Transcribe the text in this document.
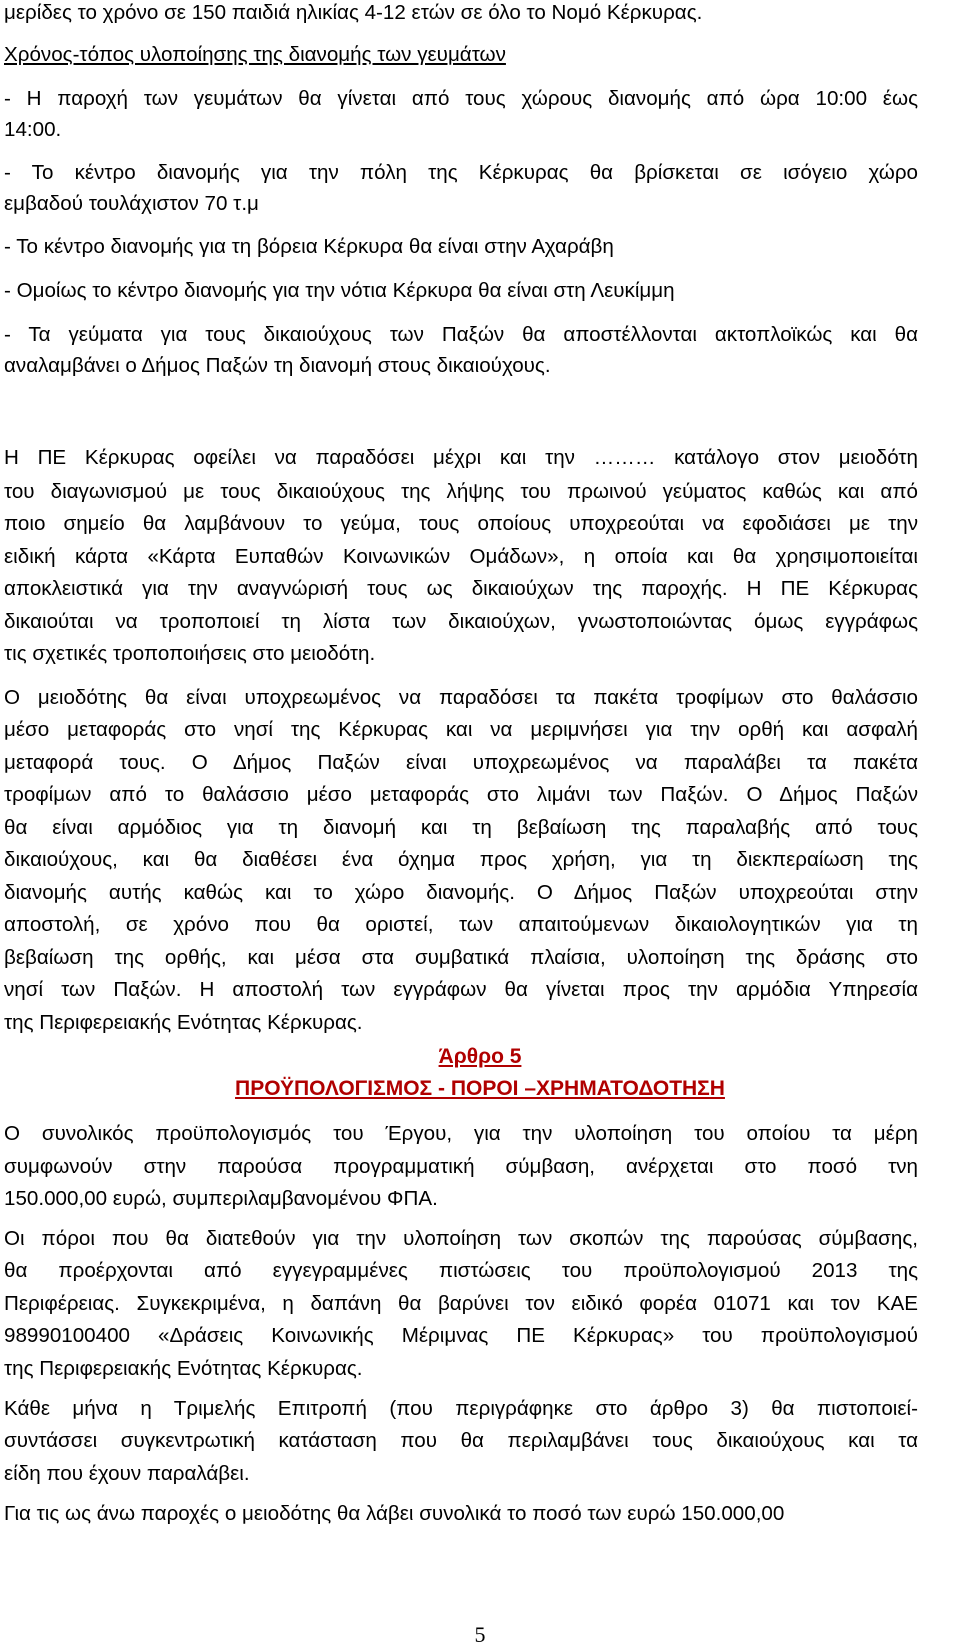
μερίδες το χρόνο σε 150 παιδιά ηλικίας 4-12 ετών σε όλο το Νομό Κέρκυρας.

Χρόνος-τόπος υλοποίησης της διανομής των γευμάτων

- Η παροχή των γευμάτων θα γίνεται από τους χώρους διανομής από ώρα 10:00 έως

14:00.

- Το κέντρο διανομής για την πόλη της Κέρκυρας θα βρίσκεται σε ισόγειο χώρο

εμβαδού τουλάχιστον 70 τ.μ

- Το κέντρο διανομής για τη βόρεια Κέρκυρα θα είναι στην Αχαράβη

- Ομοίως το κέντρο διανομής για την νότια Κέρκυρα θα είναι στη Λευκίμμη

- Τα γεύματα για τους δικαιούχους των Παξών θα αποστέλλονται ακτοπλοϊκώς και θα

αναλαμβάνει ο Δήμος Παξών τη διανομή στους δικαιούχους.

Η ΠΕ Κέρκυρας οφείλει να παραδόσει μέχρι και την ……… κατάλογο στον μειοδότη

του διαγωνισμού με τους δικαιούχους της λήψης του πρωινού γεύματος καθώς και από

ποιο σημείο θα λαμβάνουν το γεύμα, τους οποίους υποχρεούται να εφοδιάσει με την

ειδική κάρτα «Κάρτα Ευπαθών Κοινωνικών Ομάδων», η οποία και θα χρησιμοποιείται

αποκλειστικά για την αναγνώρισή τους ως δικαιούχων της παροχής. Η ΠΕ Κέρκυρας

δικαιούται να τροποποιεί τη λίστα των δικαιούχων, γνωστοποιώντας όμως εγγράφως

τις σχετικές τροποποιήσεις στο μειοδότη.

Ο μειοδότης θα είναι υποχρεωμένος να παραδόσει τα πακέτα τροφίμων στο θαλάσσιο

μέσο μεταφοράς στο νησί της Κέρκυρας και να μεριμνήσει για την ορθή και ασφαλή

μεταφορά τους. Ο Δήμος Παξών είναι υποχρεωμένος να παραλάβει τα πακέτα

τροφίμων από το θαλάσσιο μέσο μεταφοράς στο λιμάνι των Παξών. Ο Δήμος Παξών

θα είναι αρμόδιος για τη διανομή και τη βεβαίωση της παραλαβής από τους

δικαιούχους, και θα διαθέσει ένα όχημα προς χρήση, για τη διεκπεραίωση της

διανομής αυτής καθώς και το χώρο διανομής. Ο Δήμος Παξών υποχρεούται στην

αποστολή, σε χρόνο που θα οριστεί, των απαιτούμενων δικαιολογητικών για τη

βεβαίωση της ορθής, και μέσα στα συμβατικά πλαίσια, υλοποίηση της δράσης στο

νησί των Παξών. Η αποστολή των εγγράφων θα γίνεται προς την αρμόδια Υπηρεσία

της Περιφερειακής Ενότητας Κέρκυρας.

Άρθρο 5

ΠΡΟΫΠΟΛΟΓΙΣΜΟΣ - ΠΟΡΟΙ –ΧΡΗΜΑΤΟΔΟΤΗΣΗ

Ο συνολικός προϋπολογισμός του Έργου, για την υλοποίηση του οποίου τα μέρη

συμφωνούν στην παρούσα προγραμματική σύμβαση, ανέρχεται στο ποσό τνη

150.000,00 ευρώ, συμπεριλαμβανομένου ΦΠΑ.

Οι πόροι που θα διατεθούν για την υλοποίηση των σκοπών της παρούσας σύμβασης,

θα προέρχονται από εγγεγραμμένες πιστώσεις του προϋπολογισμού 2013 της

Περιφέρειας. Συγκεκριμένα, η δαπάνη θα βαρύνει τον ειδικό φορέα 01071 και τον ΚΑΕ

98990100400 «Δράσεις Κοινωνικής Μέριμνας ΠΕ Κέρκυρας» του προϋπολογισμού

της Περιφερειακής Ενότητας Κέρκυρας.

Κάθε μήνα η Τριμελής Επιτροπή (που περιγράφηκε στο άρθρο 3) θα πιστοποιεί-

συντάσσει συγκεντρωτική κατάσταση που θα περιλαμβάνει τους δικαιούχους και τα

είδη που έχουν παραλάβει.

Για τις ως άνω παροχές ο μειοδότης θα λάβει συνολικά το ποσό των ευρώ 150.000,00

5
